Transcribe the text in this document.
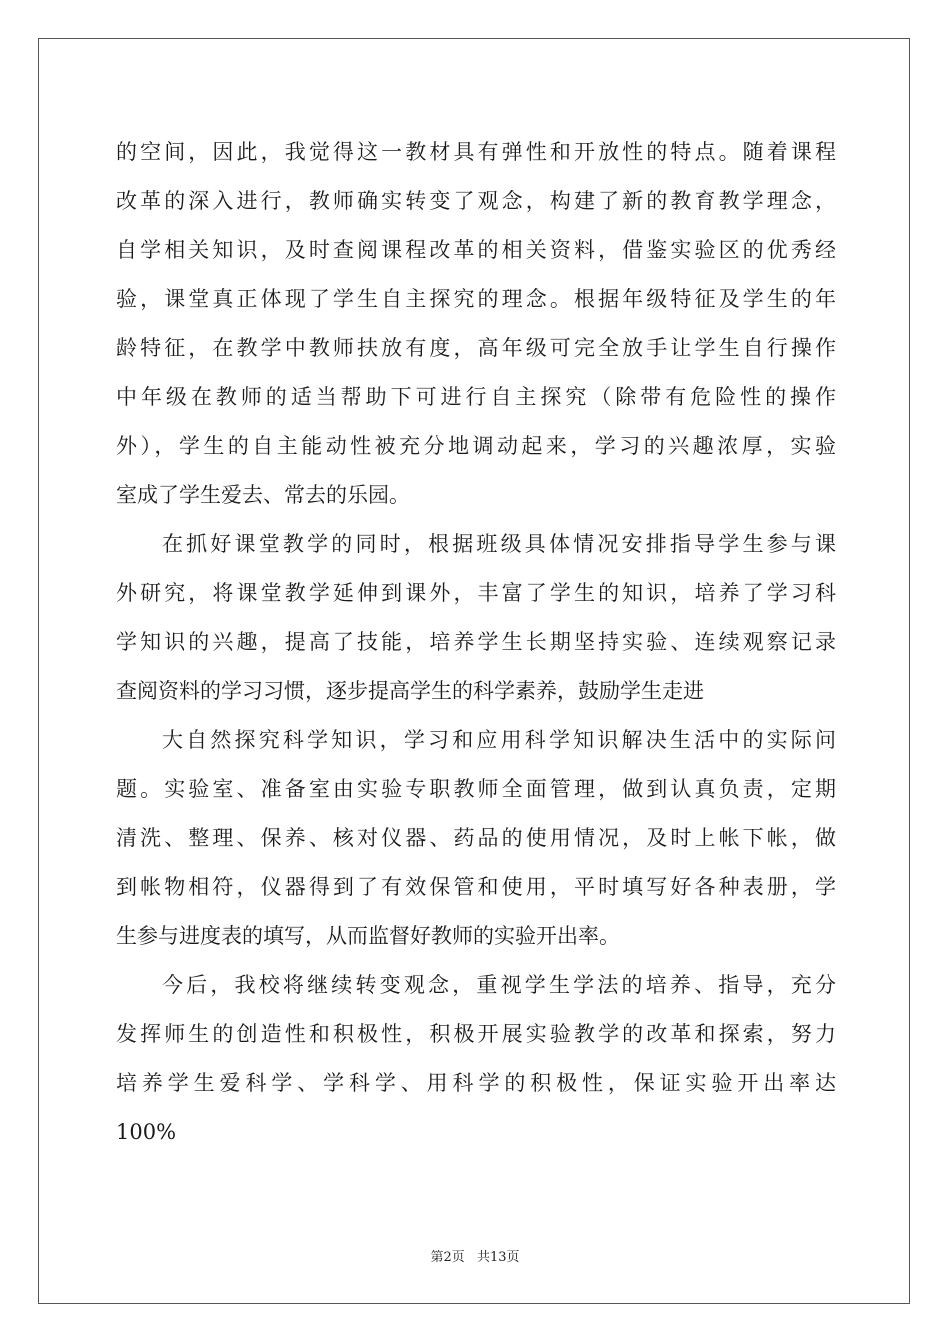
的空间，因此，我觉得这一教材具有弹性和开放性的特点。随着课程
改革的深入进行，教师确实转变了观念，构建了新的教育教学理念，
自学相关知识，及时查阅课程改革的相关资料，借鉴实验区的优秀经
验，课堂真正体现了学生自主探究的理念。根据年级特征及学生的年
龄特征，在教学中教师扶放有度，高年级可完全放手让学生自行操作
中年级在教师的适当帮助下可进行自主探究（除带有危险性的操作
外），学生的自主能动性被充分地调动起来，学习的兴趣浓厚，实验
室成了学生爱去、常去的乐园。
在抓好课堂教学的同时，根据班级具体情况安排指导学生参与课
外研究，将课堂教学延伸到课外，丰富了学生的知识，培养了学习科
学知识的兴趣，提高了技能，培养学生长期坚持实验、连续观察记录
查阅资料的学习习惯，逐步提高学生的科学素养，鼓励学生走进
大自然探究科学知识，学习和应用科学知识解决生活中的实际问
题。实验室、准备室由实验专职教师全面管理，做到认真负责，定期
清洗、整理、保养、核对仪器、药品的使用情况，及时上帐下帐，做
到帐物相符，仪器得到了有效保管和使用，平时填写好各种表册，学
生参与进度表的填写，从而监督好教师的实验开出率。
今后，我校将继续转变观念，重视学生学法的培养、指导，充分
发挥师生的创造性和积极性，积极开展实验教学的改革和探索，努力
培养学生爱科学、学科学、用科学的积极性，保证实验开出率达
100%
第2页 共13页
